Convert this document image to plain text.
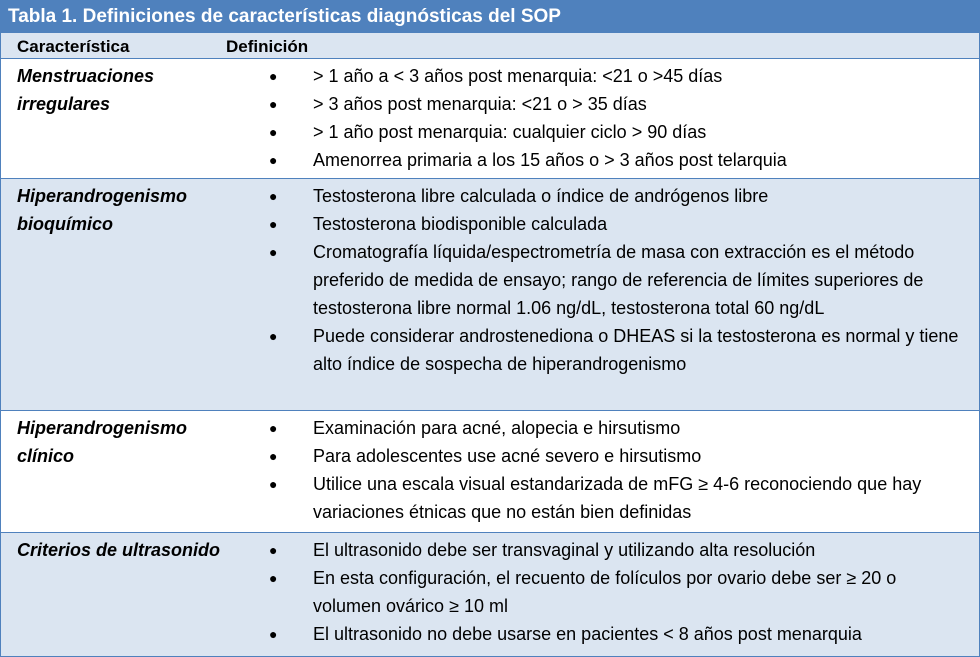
Tabla 1. Definiciones de características diagnósticas del SOP
Característica	Definición
Menstruaciones irregulares
● > 1 año a < 3 años post menarquia: <21 o >45 días
● > 3 años post menarquia: <21 o > 35 días
● > 1 año post menarquia: cualquier ciclo > 90 días
● Amenorrea primaria a los 15 años o > 3 años post telarquia
Hiperandrogenismo bioquímico
● Testosterona libre calculada o índice de andrógenos libre
● Testosterona biodisponible calculada
● Cromatografía líquida/espectrometría de masa con extracción es el método preferido de medida de ensayo; rango de referencia de límites superiores de testosterona libre normal 1.06 ng/dL, testosterona total 60 ng/dL
● Puede considerar androstenediona o DHEAS si la testosterona es normal y tiene alto índice de sospecha de hiperandrogenismo
Hiperandrogenismo clínico
● Examinación para acné, alopecia e hirsutismo
● Para adolescentes use acné severo e hirsutismo
● Utilice una escala visual estandarizada de mFG ≥ 4-6 reconociendo que hay variaciones étnicas que no están bien definidas
Criterios de ultrasonido	● El ultrasonido debe ser transvaginal y utilizando alta resolución
● En esta configuración, el recuento de folículos por ovario debe ser ≥ 20 o volumen ovárico ≥ 10 ml
● El ultrasonido no debe usarse en pacientes < 8 años post menarquia
